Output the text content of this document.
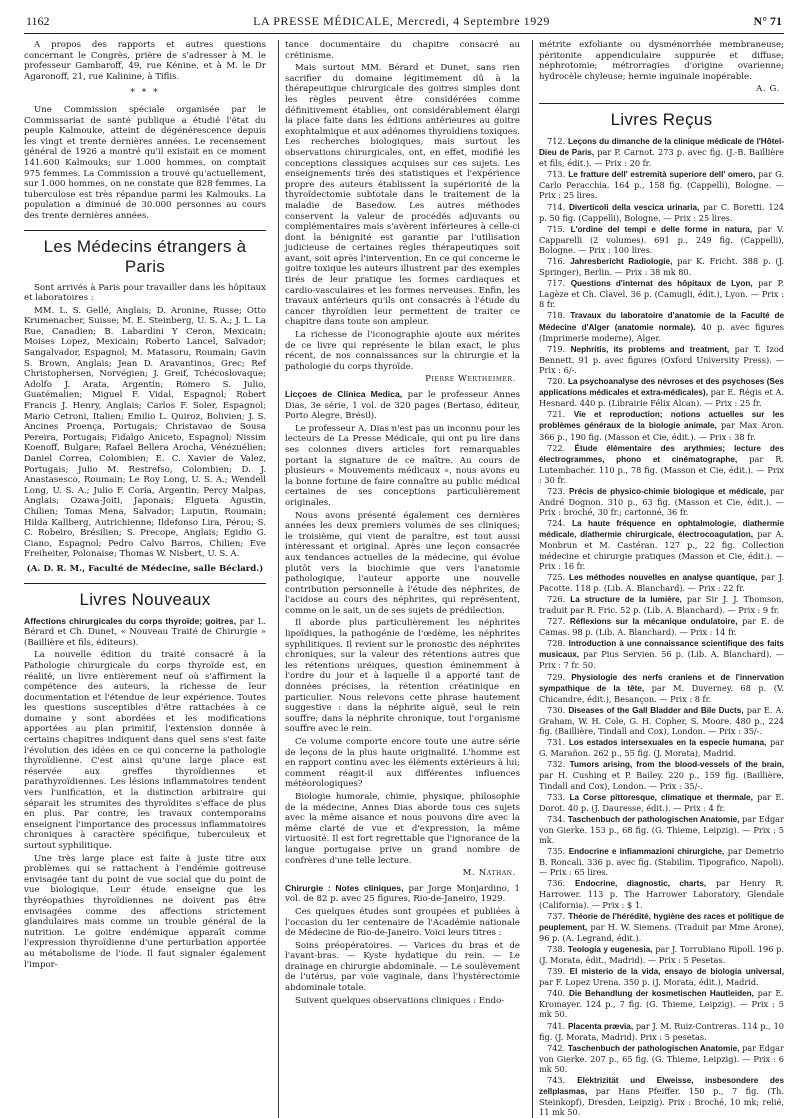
1162	LA PRESSE MÉDICALE, Mercredi, 4 Septembre 1929	N° 71

A propos des rapports et autres questions concernant le Congrès, prière de s'adresser à M. le professeur Gambaroff, 49, rue Kénine, et à M. le Dr Agaronoff, 21, rue Kalinine, à Tiflis.

* * *

Une Commission spéciale organisée par le Commissariat de santé publique a étudié l'état du peuple Kalmouke, atteint de dégénérescence depuis les vingt et trente dernières années. Le recensement général de 1926 a montré qu'il existait en ce moment 141.600 Kalmouks; sur 1.000 hommes, on comptait 975 femmes. La Commission a trouvé qu'actuellement, sur 1.000 hommes, on ne constate que 828 femmes. La tuberculose est très répandue parmi les Kalmouks. La population a diminué de 30.000 personnes au cours des trente dernières années.

Les Médecins étrangers à Paris

Sont arrivés à Paris pour travailler dans les hôpitaux et laboratoires :

MM. L. S. Gellé, Anglais; D. Aronine, Russe; Otto Krumenacher, Suisse; M. E. Steinberg, U. S. A.; J. L. La Rue, Canadien; B. Labardini Y Ceron, Mexicain; Moises Lopez, Mexicain; Roberto Lancel, Salvador; Sangalvador, Espagnol; M. Matasoru, Roumain; Gavin S. Brown, Anglais; Jean D. Aravantinos, Grec; Ref Christophersen, Norvégien; J. Greif, Tchécoslovaque; Adolfo J. Arata, Argentin; Romero S. Julio, Guatémalien; Miguel F. Vidal, Espagnol; Robert Francis J. Henry, Anglais; Carlos F. Soler, Espagnol; Mario Cetroni, Italien; Emilio L. Quiroz, Bolivien; J. S. Ancines Proença, Portugais; Christavao de Sousa Pereira, Portugais; Fidalgo Aniceto, Espagnol; Nissim Koenoff, Bulgare; Rafael Bellera Arocha, Vénézuélien; Daniel Correa, Colombien; E. C. Xavier de Valez, Portugais; Julio M. Restrefso, Colombien; D. J. Anastasesco, Roumain; Le Roy Long, U. S. A.; Wendell Long, U. S. A.; Julio F. Coria, Argentin; Percy Malpas, Anglais; Ozawa-Joiti, Japonais; Elgueta Agustin, Chilien; Tomas Mena, Salvador; Luputin, Roumain; Hilda Kallberg, Autrichienne; Ildefonso Lira, Pérou; S. C. Robeiro, Brésilien; S. Precope, Anglais; Egidio G. Ciano, Espagnol; Pedro Calvo Barros, Chilien; Eve Freiheiter, Polonaise; Thomas W. Nisbert, U. S. A.

(A. D. R. M., Faculté de Médecine, salle Béclard.)

Livres Nouveaux

Affections chirurgicales du corps thyroïde; goitres, par L. Bérard et Ch. Dunet, « Nouveau Traité de Chirurgie » (Baillière et fils, éditeurs).

La nouvelle édition du traité consacré à la Pathologie chirurgicale du corps thyroïde est, en réalité, un livre entièrement neuf où s'affirment la compétence des auteurs, la richesse de leur documentation et l'étendue de leur expérience. Toutes les questions susceptibles d'être rattachées à ce domaine y sont abordées et les modifications apportées au plan primitif, l'extension donnée à certains chapitres indiquent dans quel sens s'est faite l'évolution des idées en ce qui concerne la pathologie thyroïdienne. C'est ainsi qu'une large place est réservée aux greffes thyroïdiennes et parathyroïdiennes. Les lésions inflammatoires tendent vers l'unification, et la distinction arbitraire qui séparait les strumites des thyroïdites s'efface de plus en plus. Par contre, les travaux contemporains enseignent l'importance des processus inflammatoires chroniques à caractère spécifique, tuberculeux et surtout syphilitique.

Une très large place est faite à juste titre aux problèmes qui se rattachent à l'endémie goitreuse envisagée tant du point de vue social que du point de vue biologique. Leur étude enseigne que les thyréopathies thyroïdiennes ne doivent pas être envisagées comme des affections strictement glandulaires mais comme un trouble général de la nutrition. Le goitre endémique apparaît comme l'expression thyroïdienne d'une perturbation apportée au métabolisme de l'iode. Il faut signaler également l'impor-

tance documentaire du chapitre consacré au crétinisme.

Mais surtout MM. Bérard et Dunet, sans rien sacrifier du domaine légitimement dû à la thérapeutique chirurgicale des goitres simples dont les règles peuvent être considérées comme définitivement établies, ont considérablement élargi la place faite dans les éditions antérieures au goitre exophtalmique et aux adénomes thyroïdiens toxiques. Les recherches biologiques, mais surtout les observations chirurgicales, ont, en effet, modifié les conceptions classiques acquises sur ces sujets. Les enseignements tirés des statistiques et l'expérience propre des auteurs établissent la supériorité de la thyroïdectomie subtotale dans le traitement de la maladie de Basedow. Les autres méthodes conservent la valeur de procédés adjuvants ou complémentaires mais s'avèrent inférieures à celle-ci dont la bénignité est garantie par l'utilisation judicieuse de certaines règles thérapeutiques soit avant, soit après l'intervention. En ce qui concerne le goitre toxique les auteurs illustrent par des exemples tirés de leur pratique les formes cardiaques et cardio-vasculaires et les formes nerveuses. Enfin, les travaux antérieurs qu'ils ont consacrés à l'étude du cancer thyroïdien leur permettent de traiter ce chapitre dans toute son ampleur.

La richesse de l'iconographie ajoute aux mérites de ce livre qui représente le bilan exact, le plus récent, de nos connaissances sur la chirurgie et la pathologie du corps thyroïde.

Pierre Wertheimer.

Licçoes de Clinica Medica, par le professeur Annes Dias, 3e série, 1 vol. de 320 pages (Bertaso, éditeur, Porto Alegre, Brésil).

Le professeur A. Dias n'est pas un inconnu pour les lecteurs de La Presse Médicale, qui ont pu lire dans ses colonnes divers articles fort remarquables portant la signature de ce maître. Au cours de plusieurs « Mouvements médicaux », nous avons eu la bonne fortune de faire connaître au public médical certaines de ses conceptions particulièrement originales.

Nous avons présenté également ces dernières années les deux premiers volumes de ses cliniques; le troisième, qui vient de paraître, est tout aussi intéressant et original. Après une leçon consacrée aux tendances actuelles de la médecine, qui évolue plutôt vers la biochimie que vers l'anatomie pathologique, l'auteur apporte une nouvelle contribution personnelle à l'étude des néphrites, de l'acidose au cours des néphrites, qui représentent, comme on le sait, un de ses sujets de prédilection.

Il aborde plus particulièrement les néphrites lipoïdiques, la pathogénie de l'œdème, les néphrites syphilitiques. Il revient sur le pronostic des néphrites chroniques, sur la valeur des rétentions autres que les rétentions uréiques, question éminemment à l'ordre du jour et à laquelle il a apporté tant de données précises, la rétention créatinique en particulier. Nous relevons cette phrase hautement suggestive : dans la néphrite aiguë, seul le rein souffre; dans la néphrite chronique, tout l'organisme souffre avec le rein.

Ce volume comporte encore toute une autre série de leçons de la plus haute originalité. L'homme est en rapport continu avec les éléments extérieurs à lui; comment réagit-il aux différentes influences météorologiques?

Biologie humorale, chimie, physique, philosophie de la médecine, Annes Dias aborde tous ces sujets avec la même aisance et nous pouvons dire avec la même clarté de vue et d'expression, la même virtuosité. Il est fort regrettable que l'ignorance de la langue portugaise prive un grand nombre de confrères d'une telle lecture.

M. Nathan.

Chirurgie : Notes cliniques, par Jorge Monjardino, 1 vol. de 82 p. avec 25 figures, Rio-de-Janeiro, 1929.

Ces quelques études sont groupées et publiées à l'occasion du Ier centenaire de l'Académie nationale de Médecine de Rio-de-Janeiro. Voici leurs titres :

Soins préopératoires. — Varices du bras et de l'avant-bras. — Kyste hydatique du rein. — Le drainage en chirurgie abdominale. — Le soulèvement de l'utérus, par voie vaginale, dans l'hystérectomie abdominale totale.

Suivent quelques observations cliniques : Endo-

métrite exfoliante ou dysménorrhée membraneuse; péritonite appendiculaire suppurée et diffuse; néphrotomie; métrorragies d'origine ovarienne; hydrocèle chyleuse; hernie inguinale inopérable.

A. G.
Livres Reçus

712. Leçons du dimanche de la clinique médicale de l'Hôtel-Dieu de Paris, par P. Carnot. 273 p. avec fig. (J.-B. Baillière et fils, édit.). — Prix : 20 fr.

713. Le fratture dell' estremità superiore dell' omero, par G. Carlo Peracchia. 164 p., 158 fig. (Cappelli), Bologne. — Prix : 25 lires.

714. Diverticoli della vescica urinaria, par C. Boretti. 124 p. 50 fig. (Cappelli), Bologne. — Prix : 25 lires.

715. L'ordine del tempi e delle forme in natura, par V. Capparelli (2 volumes). 691 p., 249 fig. (Cappelli), Bologne. — Prix : 100 lires.

716. Jahresbericht Radiologie, par K. Fricht. 388 p. (J. Springer), Berlin. — Prix : 38 mk 80.

717. Questions d'internat des hôpitaux de Lyon, par P. Lagèze et Ch. Clavel. 36 p. (Camugli, édit.), Lyon. — Prix : 8 fr.

718. Travaux du laboratoire d'anatomie de la Faculté de Médecine d'Alger (anatomie normale). 40 p. avec figures (Imprimerie moderne), Alger.

719. Nephritis, its problems and treatment, par T. Izod Bennett. 91 p. avec figures (Oxford University Press). — Prix : 6/-.

720. La psychoanalyse des névroses et des psychoses (Ses applications médicales et extra-médicales), par E. Régis et A. Hesnard. 440 p. (Librairie Félix Alcan). — Prix : 25 fr.

721. Vie et reproduction; notions actuelles sur les problèmes généraux de la biologie animale, par Max Aron. 366 p., 190 fig. (Masson et Cie, édit.). — Prix : 38 fr.

722. Étude élémentaire des arythmies; lecture des électrogrammes, phono et cinématographe, par R. Lutembacher. 110 p., 78 fig. (Masson et Cie, édit.). — Prix : 30 fr.

723. Précis de physico-chimie biologique et médicale, par André Dognon. 310 p., 63 fig. (Masson et Cie, édit.). — Prix : broché, 30 fr.; cartonné, 36 fr.

724. La haute fréquence en ophtalmologie, diathermie médicale, diathermie chirurgicale, électrocoagulation, par A. Monbrun et M. Castéran. 127 p., 22 fig. Collection médecine et chirurgie pratiques (Masson et Cie, édit.). — Prix : 16 fr.

725. Les méthodes nouvelles en analyse quantique, par J. Pacotte. 118 p. (Lib. A. Blanchard). — Prix : 22 fr.

726. La structure de la lumière, par Sir J. J. Thomson, traduit par R. Fric. 52 p. (Lib. A. Blanchard). — Prix : 9 fr.

727. Réflexions sur la mécanique ondulatoire, par E. de Camas. 98 p. (Lib. A. Blanchard). — Prix : 14 fr.

728. Introduction à une connaissance scientifique des faits musicaux, par Pius Servien. 56 p. (Lib. A. Blanchard). — Prix : 7 fr. 50.

729. Physiologie des nerfs craniens et de l'innervation sympathique de la tête, par M. Duverney. 68 p. (V. Chicandre, édit.), Besançon. — Prix : 8 fr.

730. Diseases of the Gall Bladder and Bile Ducts, par E. A. Graham, W. H. Cole, G. H. Copher, S. Moore. 480 p., 224 fig. (Baillière, Tindall and Cox), London. — Prix : 35/-.

731. Los estados intersexuales en la especie humana, par G. Marañon. 262 p., 55 fig. (J. Morata), Madrid.

732. Tumors arising, from the blood-vessels of the brain, par H. Cushing et P. Bailey. 220 p., 159 fig. (Baillière, Tindall and Cox), London. — Prix : 35/-.

733. La Corse pittoresque, climatique et thermale, par E. Dorot. 40 p. (J. Dauresse, édit.). — Prix : 4 fr.

734. Taschenbuch der pathologischen Anatomie, par Edgar von Gierke. 153 p., 68 fig. (G. Thieme, Leipzig). — Prix : 5 mk.

735. Endocrine e infiammazioni chirurgiche, par Demetrio B. Roncali. 336 p. avec fig. (Stabilim. Tipografico, Napoli). — Prix : 65 lires.

736. Endocrine, diagnostic, charts, par Henry R. Harrower. 113 p. The Harrower Laboratory, Glendale (California). — Prix : $ 1.

737. Théorie de l'hérédité, hygiène des races et politique de peuplement, par H. W. Siemens. (Traduit par Mme Arone), 96 p. (A. Legrand, édit.).

738. Teologia y eugenesia, par J. Torrubiano Ripoll. 196 p. (J. Morata, édit., Madrid). — Prix : 5 Pesetas.

739. El misterio de la vida, ensayo de biologia universal, par F. Lopez Urena. 350 p. (J. Morata, édit.), Madrid.

740. Die Behandlung der kosmetischen Hautleiden, par E. Kromayer. 124 p., 7 fig. (G. Thieme, Leipzig). — Prix : 5 mk 50.

741. Placenta prævia, par J. M. Ruiz-Contreras. 114 p., 10 fig. (J. Morata, Madrid). Prix : 5 pesetas.

742. Taschenbuch der pathologischen Anatomie, par Edgar von Gierke. 207 p., 65 fig. (G. Thieme, Leipzig). — Prix : 6 mk 50.

743. Elektrizität und Elweisse, insbesondere des zellplasmas, par Hans Pfeiffer. 150 p., 7 fig. (Th. Steinkopf), Dresden, Leipzig). Prix : Broché, 10 mk; relié, 11 mk 50.
